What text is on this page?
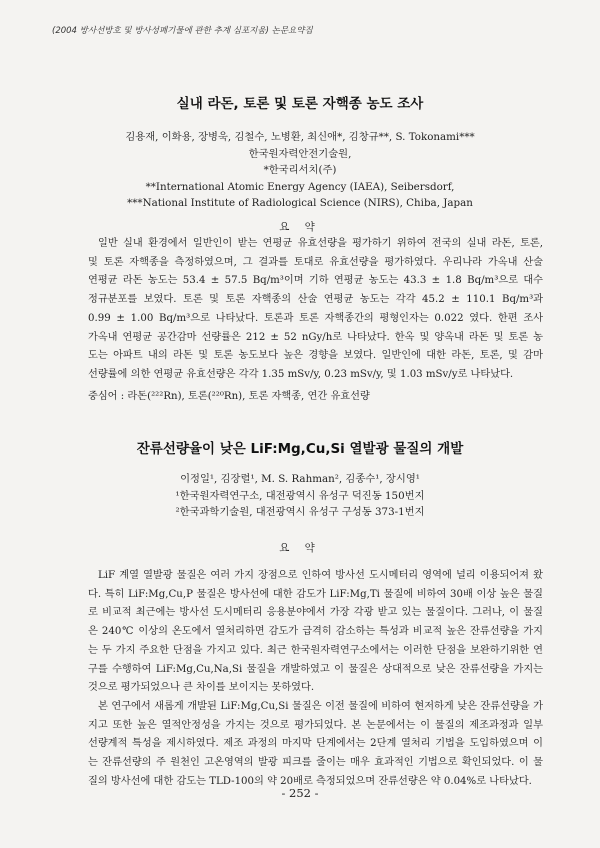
(2004 방사선방호 및 방사성폐기물에 관한 추계 심포지움) 논문요약집
실내 라돈, 토론 및 토론 자핵종 농도 조사
김용재, 이화용, 장병욱, 김철수, 노병환, 최신애*, 김창규**, S. Tokonami***
한국원자력안전기술원,
*한국리서치(주)
**International Atomic Energy Agency (IAEA), Seibersdorf,
***National Institute of Radiological Science (NIRS), Chiba, Japan
요 약
일반 실내 환경에서 일반인이 받는 연평균 유효선량을 평가하기 위하여 전국의 실내 라돈, 토론,
및 토론 자핵종을 측정하였으며, 그 결과를 토대로 유효선량을 평가하였다. 우리나라 가옥내 산술
연평균 라돈 농도는 53.4 ± 57.5 Bq/m³이며 기하 연평균 농도는 43.3 ± 1.8 Bq/m³으로 대수
정규분포를 보였다. 토론 및 토론 자핵종의 산술 연평균 농도는 각각 45.2 ± 110.1 Bq/m³과
0.99 ± 1.00 Bq/m³으로 나타났다. 토론과 토론 자핵종간의 평형인자는 0.022 였다. 한편 조사
가옥내 연평균 공간감마 선량률은 212 ± 52 nGy/h로 나타났다. 한옥 및 양옥내 라돈 및 토론 농
도는 아파트 내의 라돈 및 토론 농도보다 높은 경향을 보였다. 일반인에 대한 라돈, 토론, 및 감마
선량률에 의한 연평균 유효선량은 각각 1.35 mSv/y, 0.23 mSv/y, 및 1.03 mSv/y로 나타났다.
중심어 : 라돈(²²²Rn), 토론(²²⁰Rn), 토론 자핵종, 연간 유효선량
잔류선량율이 낮은 LiF:Mg,Cu,Si 열발광 물질의 개발
이정일¹, 김장렬¹, M. S. Rahman², 김종수¹, 장시영¹
¹한국원자력연구소, 대전광역시 유성구 덕진동 150번지
²한국과학기술원, 대전광역시 유성구 구성동 373-1번지
요 약
LiF 계열 열발광 물질은 여러 가지 장점으로 인하여 방사선 도시메터리 영역에 널리 이용되어져 왔
다. 특히 LiF:Mg,Cu,P 물질은 방사선에 대한 감도가 LiF:Mg,Ti 물질에 비하여 30배 이상 높은 물질
로 비교적 최근에는 방사선 도시메터리 응용분야에서 가장 각광 받고 있는 물질이다. 그러나, 이 물질
은 240℃ 이상의 온도에서 열처리하면 감도가 급격히 감소하는 특성과 비교적 높은 잔류선량을 가지
는 두 가지 주요한 단점을 가지고 있다. 최근 한국원자력연구소에서는 이러한 단점을 보완하기위한 연
구를 수행하여 LiF:Mg,Cu,Na,Si 물질을 개발하였고 이 물질은 상대적으로 낮은 잔류선량을 가지는
것으로 평가되었으나 큰 차이를 보이지는 못하였다.
본 연구에서 새롭게 개발된 LiF:Mg,Cu,Si 물질은 이전 물질에 비하여 현저하게 낮은 잔류선량을 가
지고 또한 높은 열적안정성을 가지는 것으로 평가되었다. 본 논문에서는 이 물질의 제조과정과 일부
선량계적 특성을 제시하였다. 제조 과정의 마지막 단계에서는 2단계 열처리 기법을 도입하였으며 이
는 잔류선량의 주 원천인 고온영역의 발광 피크를 줄이는 매우 효과적인 기법으로 확인되었다. 이 물
질의 방사선에 대한 감도는 TLD-100의 약 20배로 측정되었으며 잔류선량은 약 0.04%로 나타났다.
- 252 -
